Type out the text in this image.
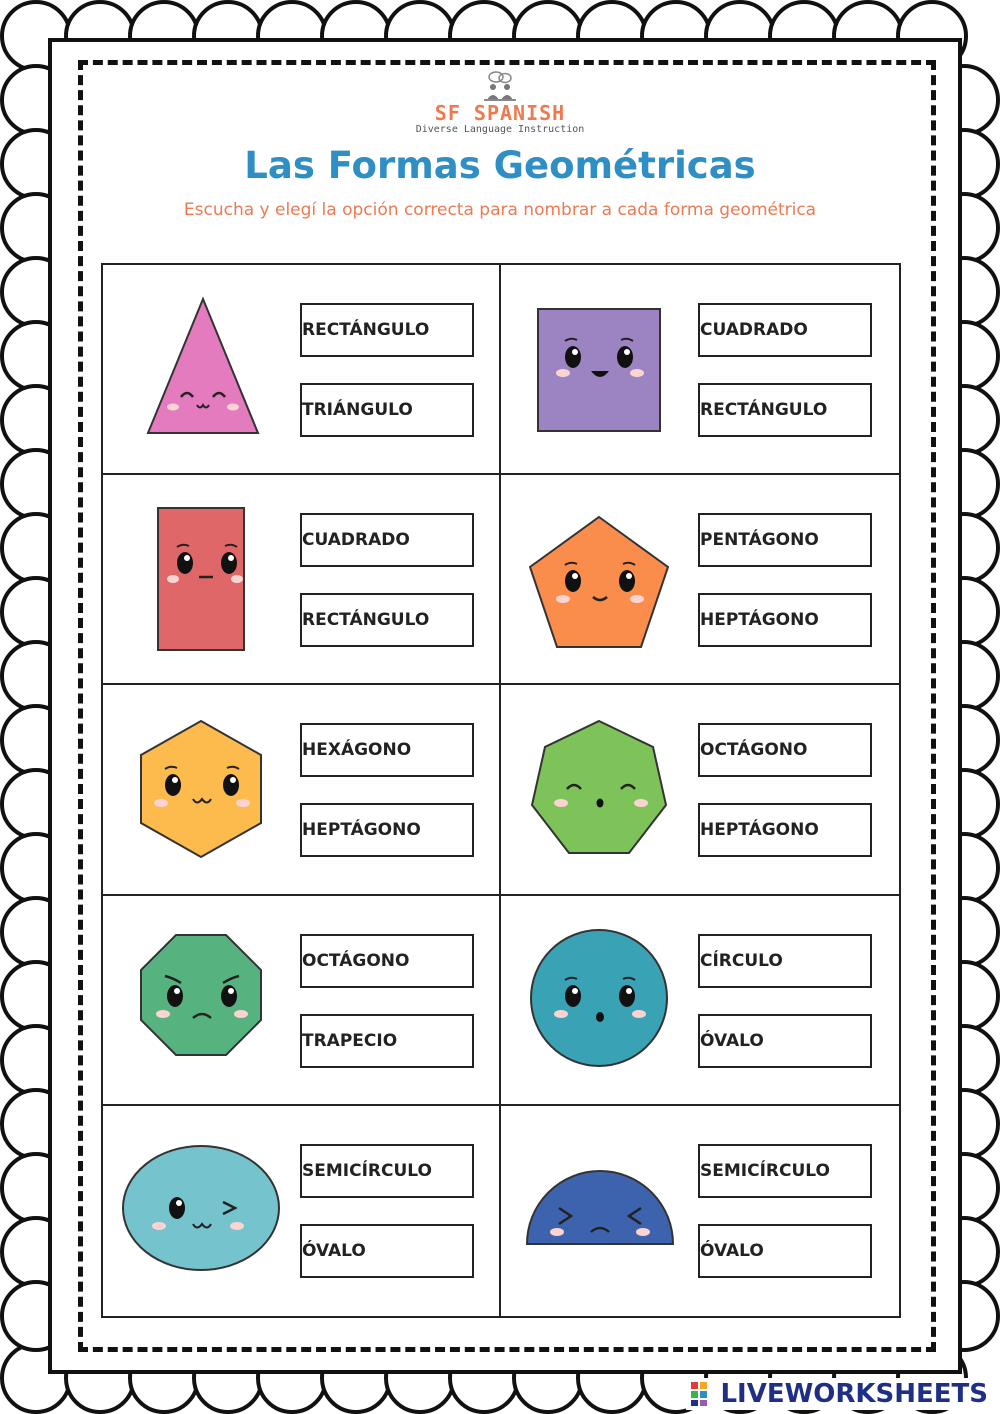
SF SPANISH
Diverse Language Instruction
Las Formas Geométricas
Escucha y elegí la opción correcta para nombrar a cada forma geométrica
RECTÁNGULO
TRIÁNGULO
CUADRADO
RECTÁNGULO
CUADRADO
RECTÁNGULO
PENTÁGONO
HEPTÁGONO
HEXÁGONO
HEPTÁGONO
OCTÁGONO
HEPTÁGONO
OCTÁGONO
TRAPECIO
CÍRCULO
ÓVALO
SEMICÍRCULO
ÓVALO
SEMICÍRCULO
ÓVALO
LIVEWORKSHEETS
